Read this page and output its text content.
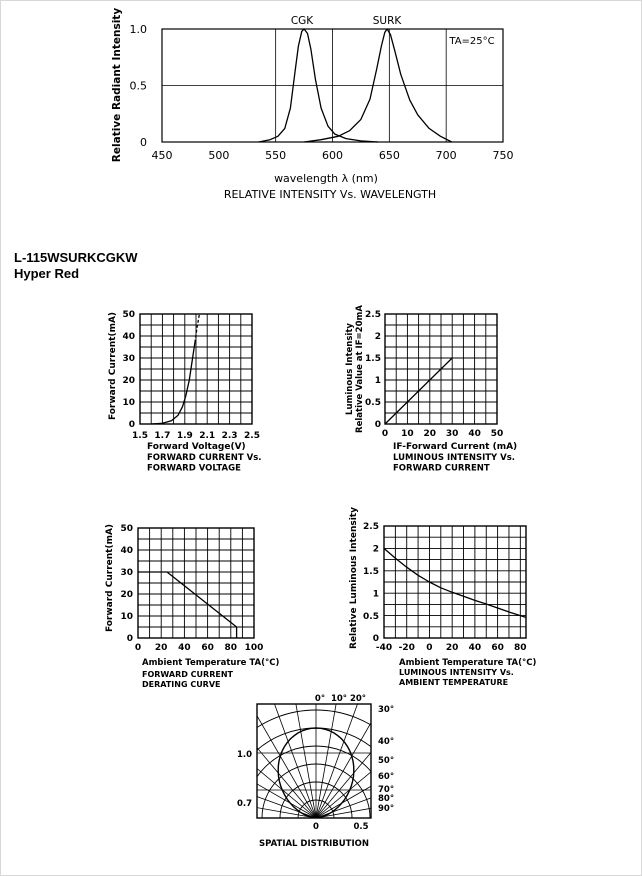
L-115WSURKCGKW
Hyper Red
CGK	SURK
TA=25°C
450	500	550	600	650	700	750
0
0.5
1.0
Relative Radiant Intensity
wavelength λ (nm)
RELATIVE INTENSITY Vs. WAVELENGTH
1.5 1.7 1.9 2.1 2.3 2.5
0
10
20
30
40
50
Forward Current(mA)
Forward Voltage(V)
FORWARD CURRENT Vs.
FORWARD VOLTAGE
0 10 20 30 40 50
0
0.5
1
1.5
2
2.5
Luminous Intensity Relative Value at IF=20mA
IF-Forward Current (mA)
LUMINOUS INTENSITY Vs.
FORWARD CURRENT
0 20 40 60 80 100
0
10
20
30
40
50
Forward Current(mA)
Ambient Temperature TA(°C)
FORWARD CURRENT
DERATING CURVE
-40 -20 0 20 40 60 80
0
0.5
1
1.5
2
2.5
Relative Luminous Intensity
Ambient Temperature TA(°C)
LUMINOUS INTENSITY Vs.
AMBIENT TEMPERATURE
0° 10° 20°
30°
40°
50°
60°
70°
80°
90°
1.0
0.7
0	0.5
SPATIAL DISTRIBUTION
